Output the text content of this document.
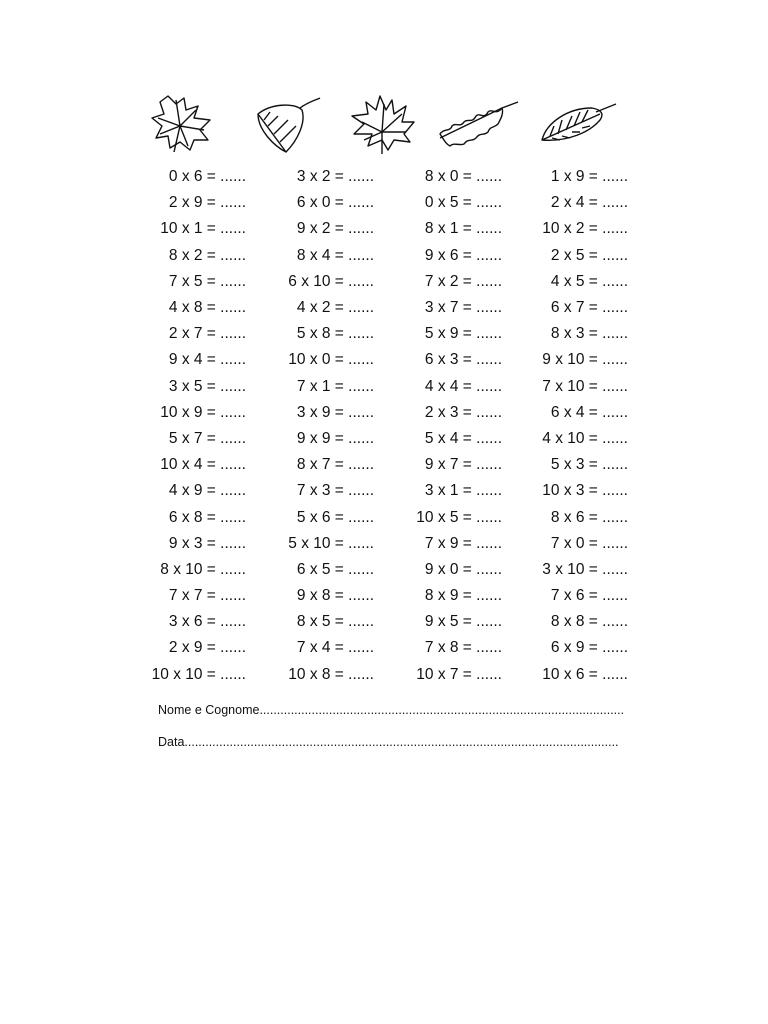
0 x 6 = ......
2 x 9 = ......
10 x 1 = ......
8 x 2 = ......
7 x 5 = ......
4 x 8 = ......
2 x 7 = ......
9 x 4 = ......
3 x 5 = ......
10 x 9 = ......
5 x 7 = ......
10 x 4 = ......
4 x 9 = ......
6 x 8 = ......
9 x 3 = ......
8 x 10 = ......
7 x 7 = ......
3 x 6 = ......
2 x 9 = ......
10 x 10 = ......
3 x 2 = ......
6 x 0 = ......
9 x 2 = ......
8 x 4 = ......
6 x 10 = ......
4 x 2 = ......
5 x 8 = ......
10 x 0 = ......
7 x 1 = ......
3 x 9 = ......
9 x 9 = ......
8 x 7 = ......
7 x 3 = ......
5 x 6 = ......
5 x 10 = ......
6 x 5 = ......
9 x 8 = ......
8 x 5 = ......
7 x 4 = ......
10 x 8 = ......
8 x 0 = ......
0 x 5 = ......
8 x 1 = ......
9 x 6 = ......
7 x 2 = ......
3 x 7 = ......
5 x 9 = ......
6 x 3 = ......
4 x 4 = ......
2 x 3 = ......
5 x 4 = ......
9 x 7 = ......
3 x 1 = ......
10 x 5 = ......
7 x 9 = ......
9 x 0 = ......
8 x 9 = ......
9 x 5 = ......
7 x 8 = ......
10 x 7 = ......
1 x 9 = ......
2 x 4 = ......
10 x 2 = ......
2 x 5 = ......
4 x 5 = ......
6 x 7 = ......
8 x 3 = ......
9 x 10 = ......
7 x 10 = ......
6 x 4 = ......
4 x 10 = ......
5 x 3 = ......
10 x 3 = ......
8 x 6 = ......
7 x 0 = ......
3 x 10 = ......
7 x 6 = ......
8 x 8 = ......
6 x 9 = ......
10 x 6 = ......
Nome e Cognome.........................................................................................................
Data.............................................................................................................................
